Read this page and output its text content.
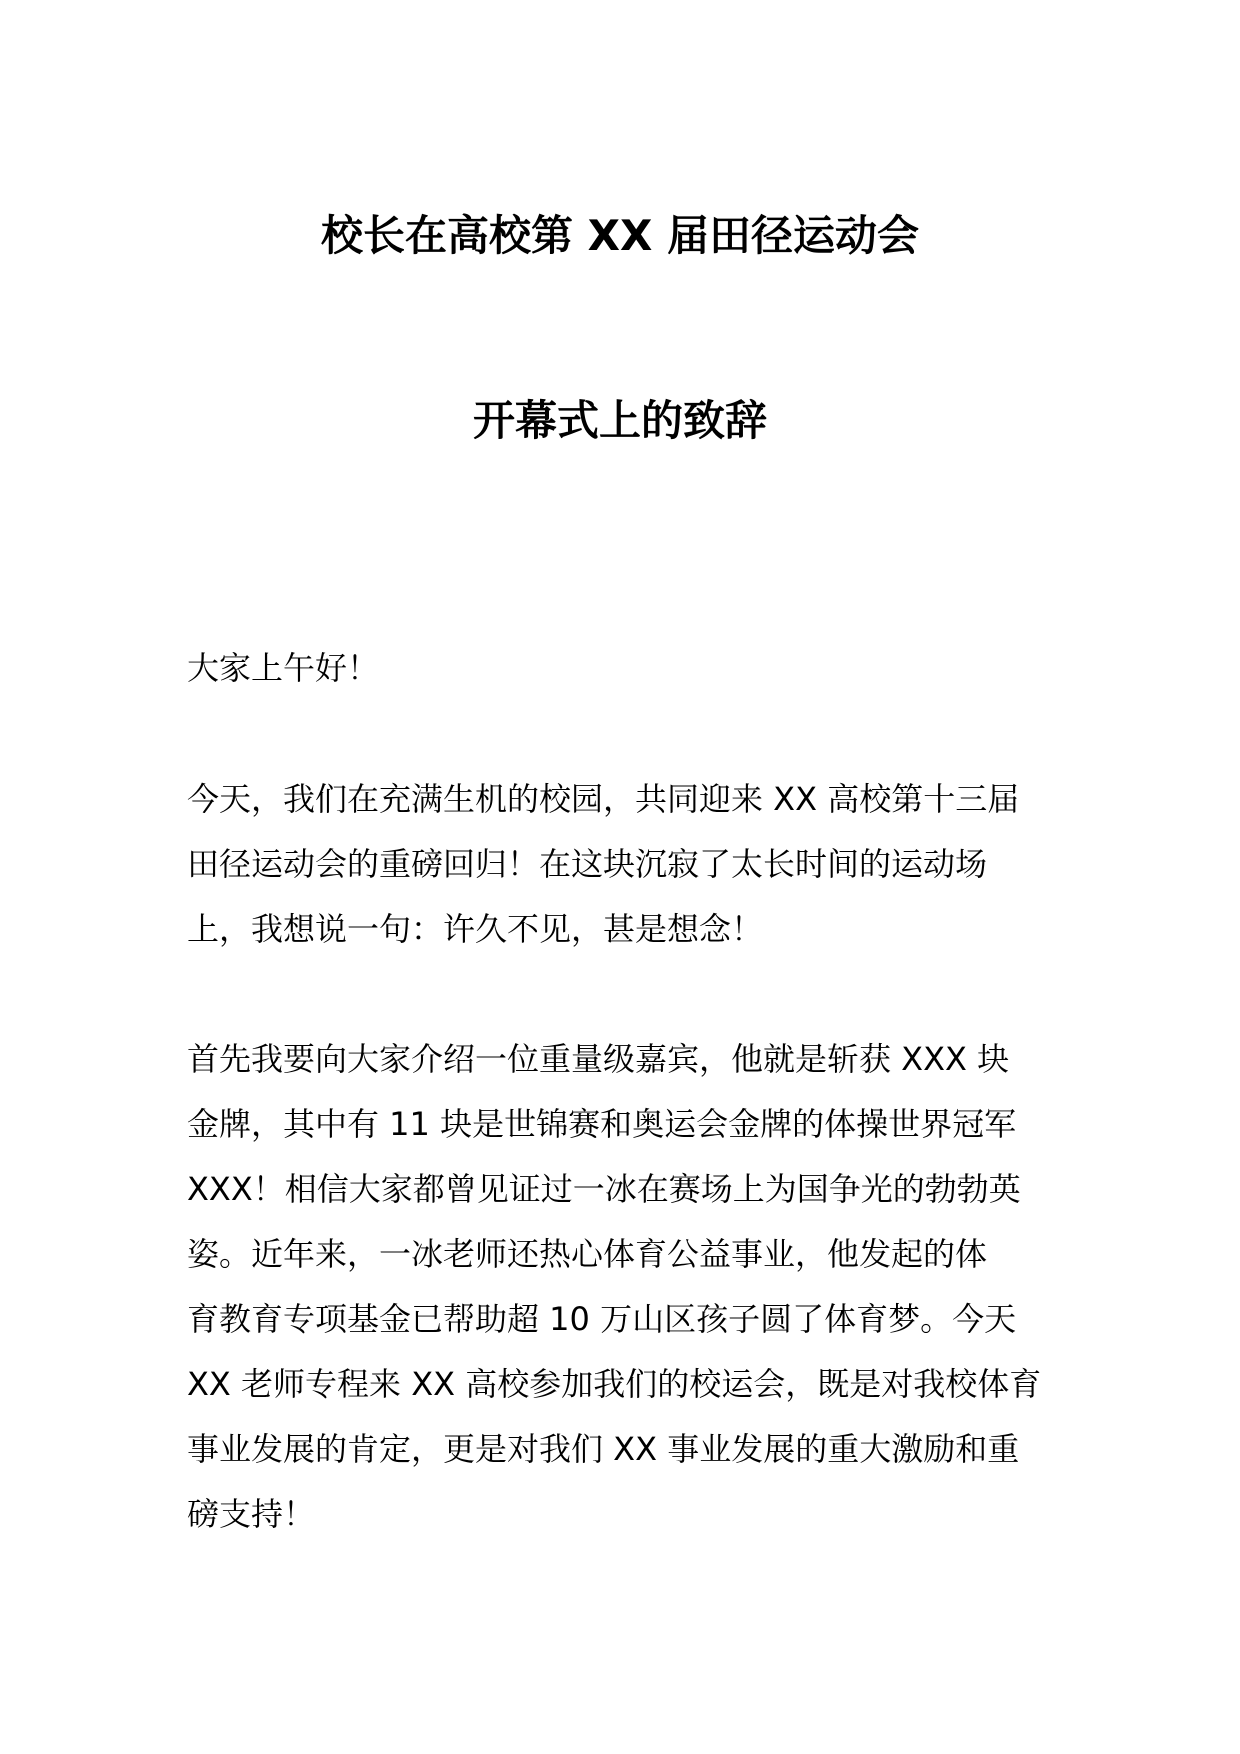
校长在高校第 XX 届田径运动会
开幕式上的致辞
大家上午好！
今天，我们在充满生机的校园，共同迎来 XX 高校第十三届
田径运动会的重磅回归！在这块沉寂了太长时间的运动场
上，我想说一句：许久不见，甚是想念！
首先我要向大家介绍一位重量级嘉宾，他就是斩获 XXX 块
金牌，其中有 11 块是世锦赛和奥运会金牌的体操世界冠军
XXX！相信大家都曾见证过一冰在赛场上为国争光的勃勃英
姿。近年来，一冰老师还热心体育公益事业，他发起的体
育教育专项基金已帮助超 10 万山区孩子圆了体育梦。今天
XX 老师专程来 XX 高校参加我们的校运会，既是对我校体育
事业发展的肯定，更是对我们 XX 事业发展的重大激励和重
磅支持！
